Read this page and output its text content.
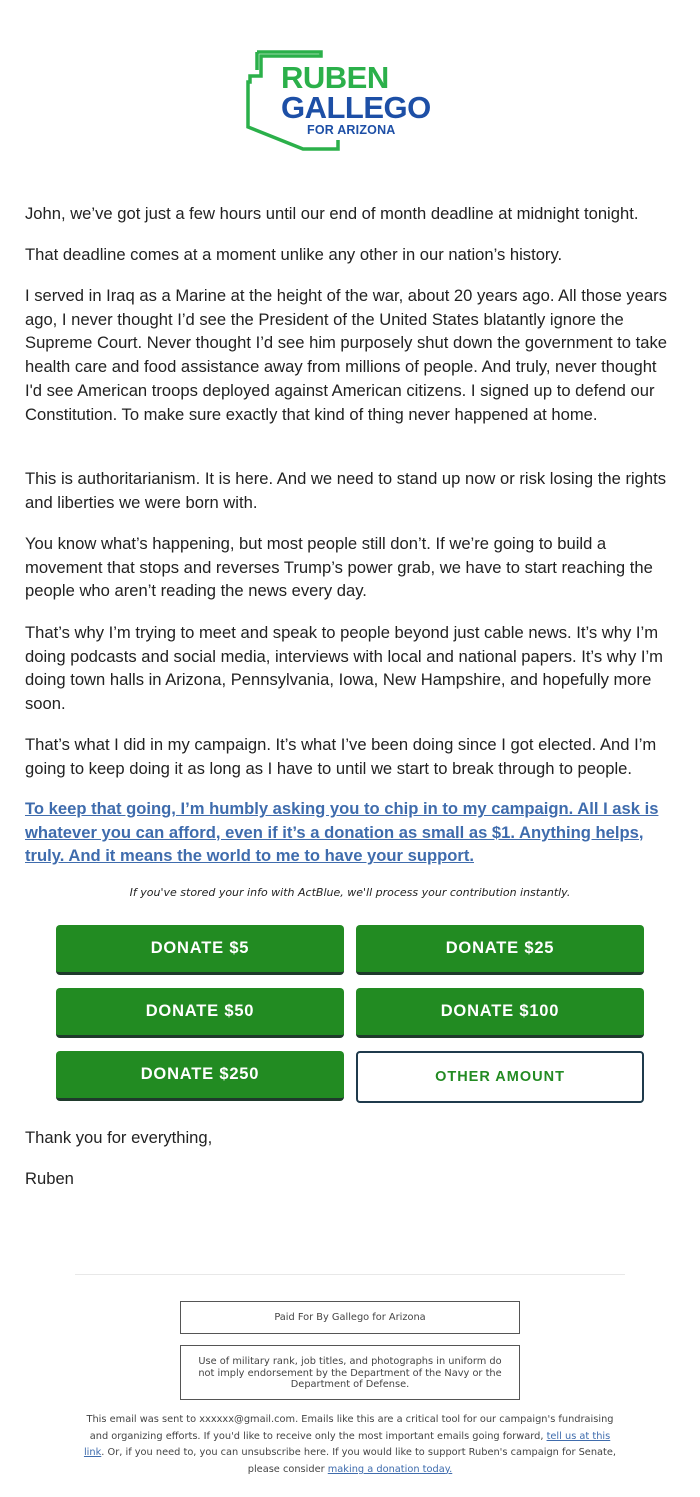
RUBEN
GALLEGO
FOR ARIZONA

John, we’ve got just a few hours until our end of month deadline at midnight tonight.

That deadline comes at a moment unlike any other in our nation’s history.

I served in Iraq as a Marine at the height of the war, about 20 years ago. All those years ago, I never thought I’d see the President of the United States blatantly ignore the Supreme Court. Never thought I’d see him purposely shut down the government to take health care and food assistance away from millions of people. And truly, never thought I'd see American troops deployed against American citizens. I signed up to defend our Constitution. To make sure exactly that kind of thing never happened at home.

This is authoritarianism. It is here. And we need to stand up now or risk losing the rights and liberties we were born with.

You know what’s happening, but most people still don’t. If we’re going to build a movement that stops and reverses Trump’s power grab, we have to start reaching the people who aren’t reading the news every day.

That’s why I’m trying to meet and speak to people beyond just cable news. It’s why I’m doing podcasts and social media, interviews with local and national papers. It’s why I’m doing town halls in Arizona, Pennsylvania, Iowa, New Hampshire, and hopefully more soon.

That’s what I did in my campaign. It’s what I’ve been doing since I got elected. And I’m going to keep doing it as long as I have to until we start to break through to people.

To keep that going, I’m humbly asking you to chip in to my campaign. All I ask is whatever you can afford, even if it’s a donation as small as $1. Anything helps, truly. And it means the world to me to have your support.

If you've stored your info with ActBlue, we'll process your contribution instantly.
DONATE $5	DONATE $25
DONATE $50	DONATE $100
DONATE $250	OTHER AMOUNT
Thank you for everything,
Ruben
Paid For By Gallego for Arizona
Use of military rank, job titles, and photographs in uniform do not imply endorsement by the Department of the Navy or the Department of Defense.
This email was sent to xxxxxx@gmail.com. Emails like this are a critical tool for our campaign's fundraising and organizing efforts. If you'd like to receive only the most important emails going forward, tell us at this link. Or, if you need to, you can unsubscribe here. If you would like to support Ruben's campaign for Senate, please consider making a donation today.
